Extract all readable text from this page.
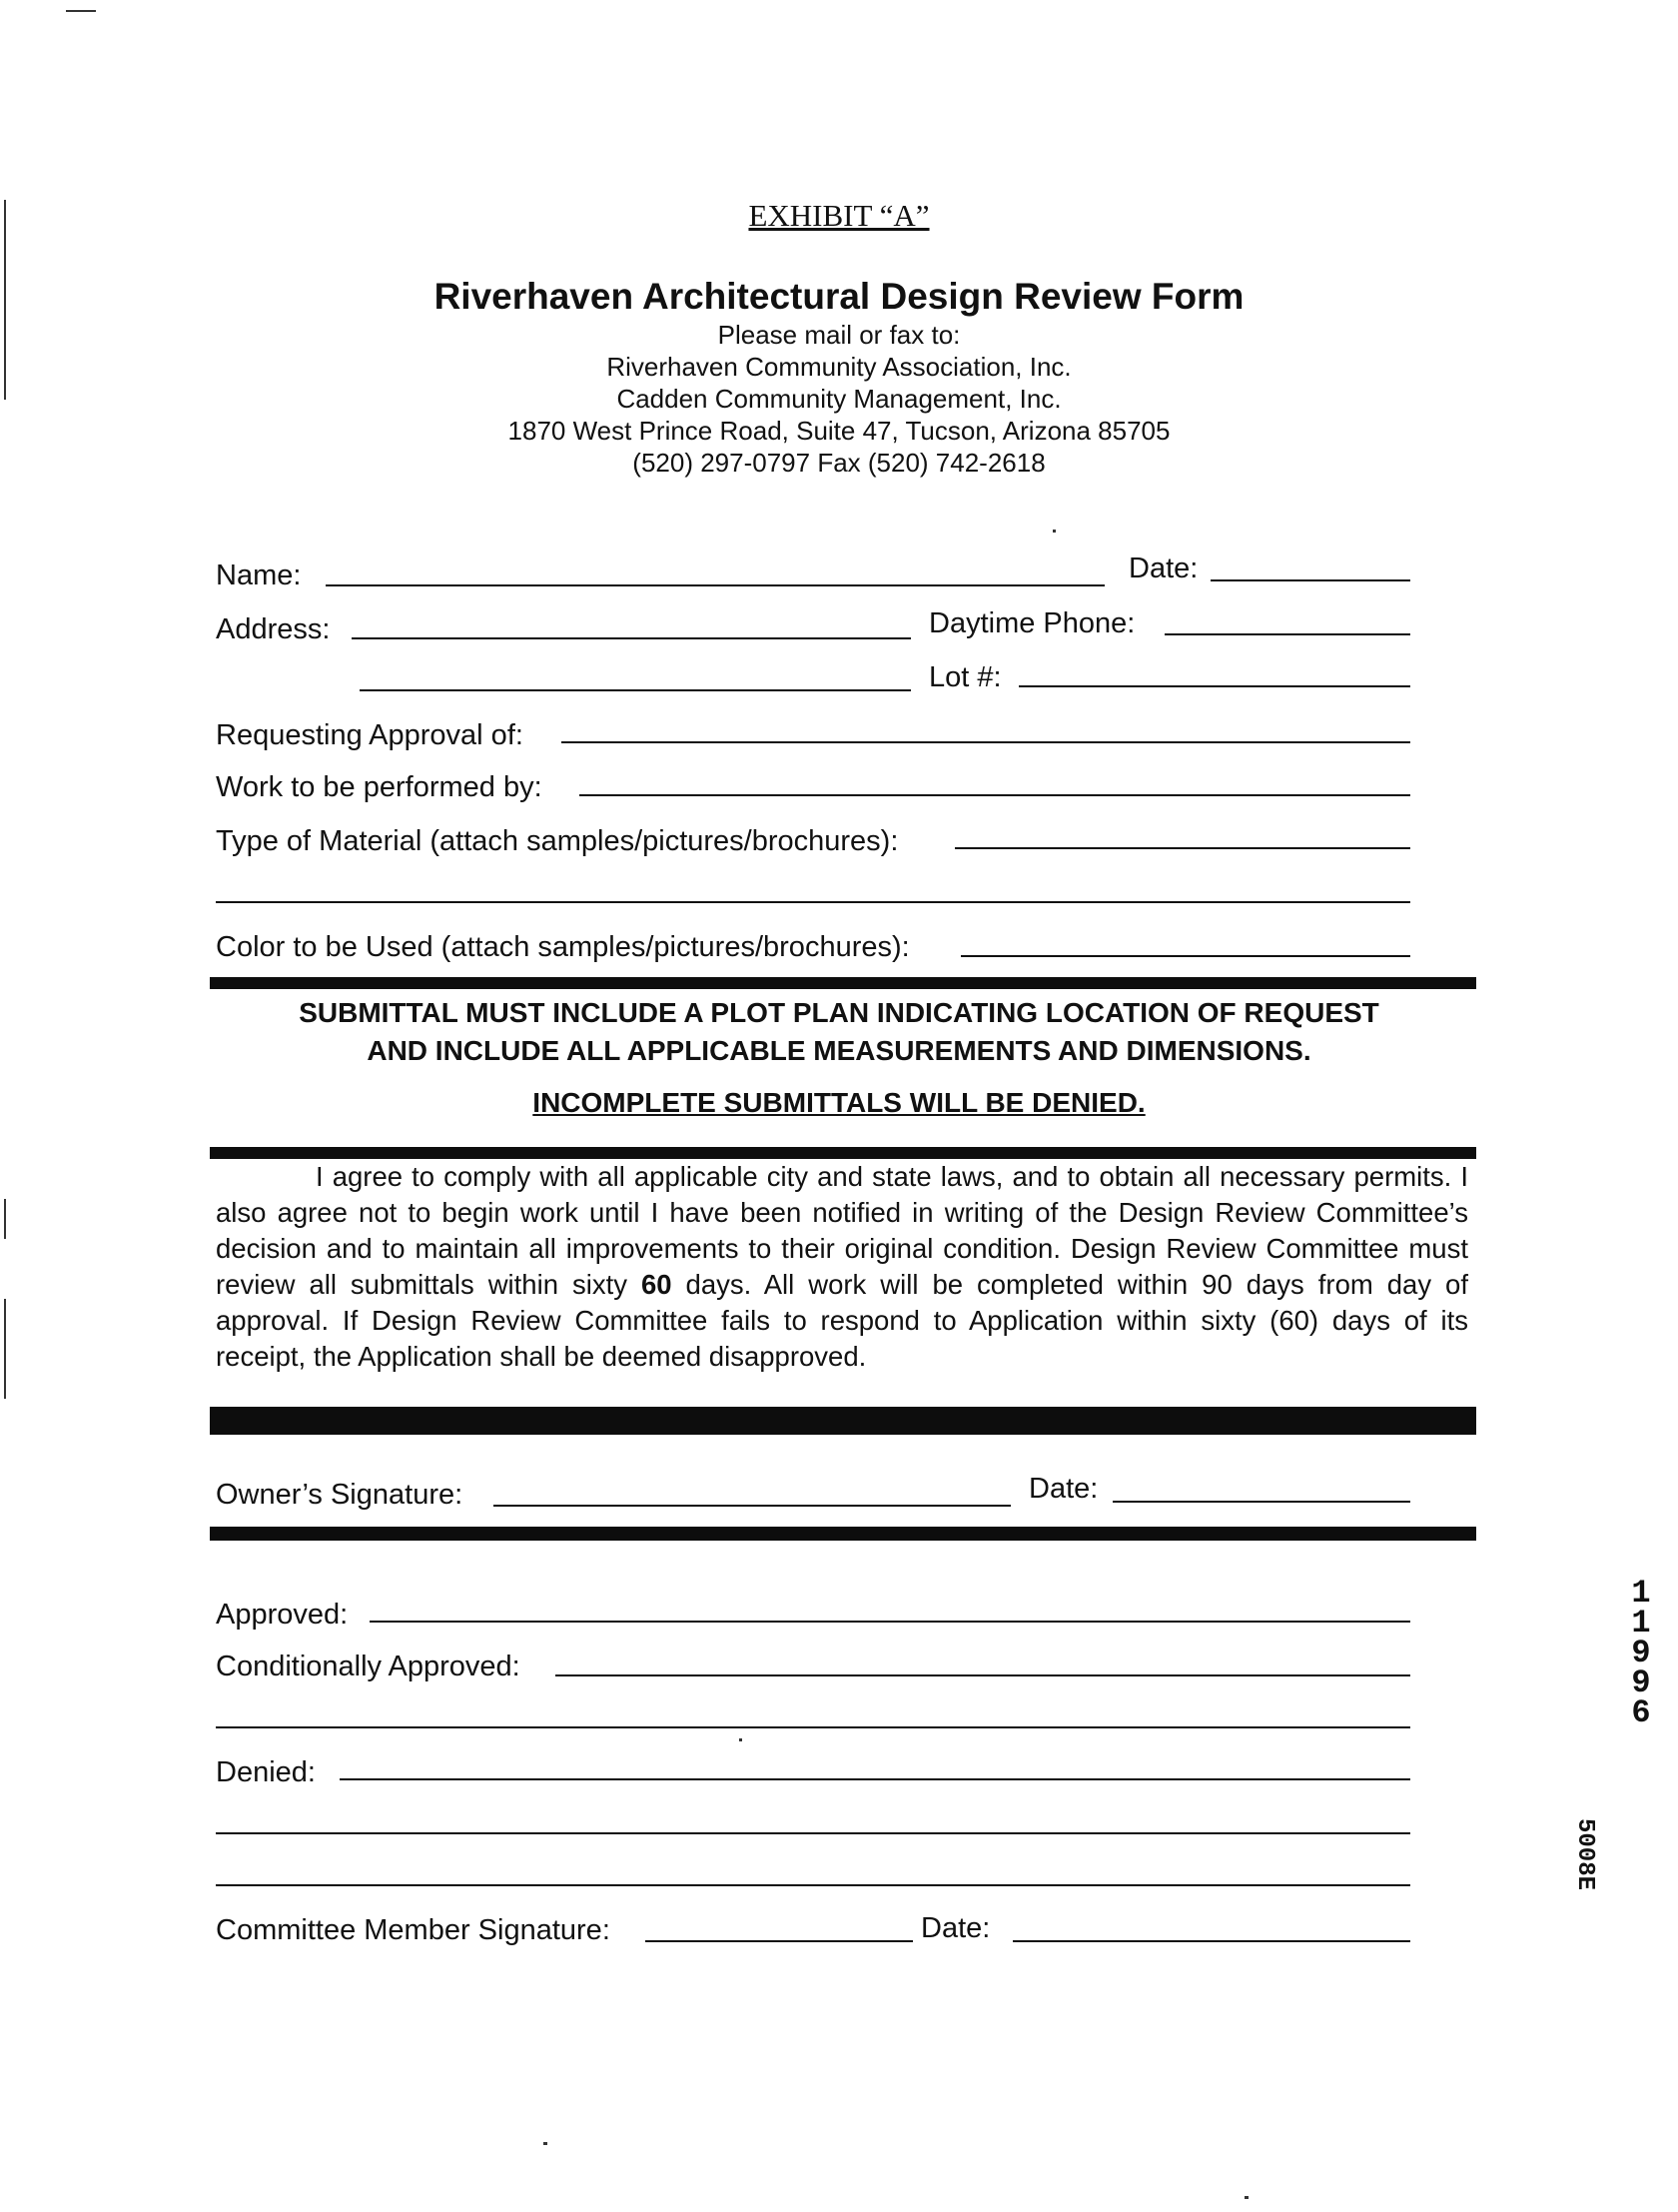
EXHIBIT “A”
Riverhaven Architectural Design Review Form
Please mail or fax to:
Riverhaven Community Association, Inc.
Cadden Community Management, Inc.
1870 West Prince Road, Suite 47, Tucson, Arizona 85705
(520) 297-0797 Fax (520) 742-2618
Name:	Date:
Address:	Daytime Phone:
Lot #:
Requesting Approval of:
Work to be performed by:
Type of Material (attach samples/pictures/brochures):
Color to be Used (attach samples/pictures/brochures):
SUBMITTAL MUST INCLUDE A PLOT PLAN INDICATING LOCATION OF REQUEST
AND INCLUDE ALL APPLICABLE MEASUREMENTS AND DIMENSIONS.
INCOMPLETE SUBMITTALS WILL BE DENIED.
I agree to comply with all applicable city and state laws, and to obtain all necessary permits. I also agree not to begin work until I have been notified in writing of the Design Review Committee’s decision and to maintain all improvements to their original condition. Design Review Committee must review all submittals within sixty 60 days. All work will be completed within 90 days from day of approval. If Design Review Committee fails to respond to Application within sixty (60) days of its receipt, the Application shall be deemed disapproved.
Owner’s Signature:	Date:
Approved:
Conditionally Approved:
Denied:
Committee Member Signature:	Date:
1
1
9
9
6
5008E
